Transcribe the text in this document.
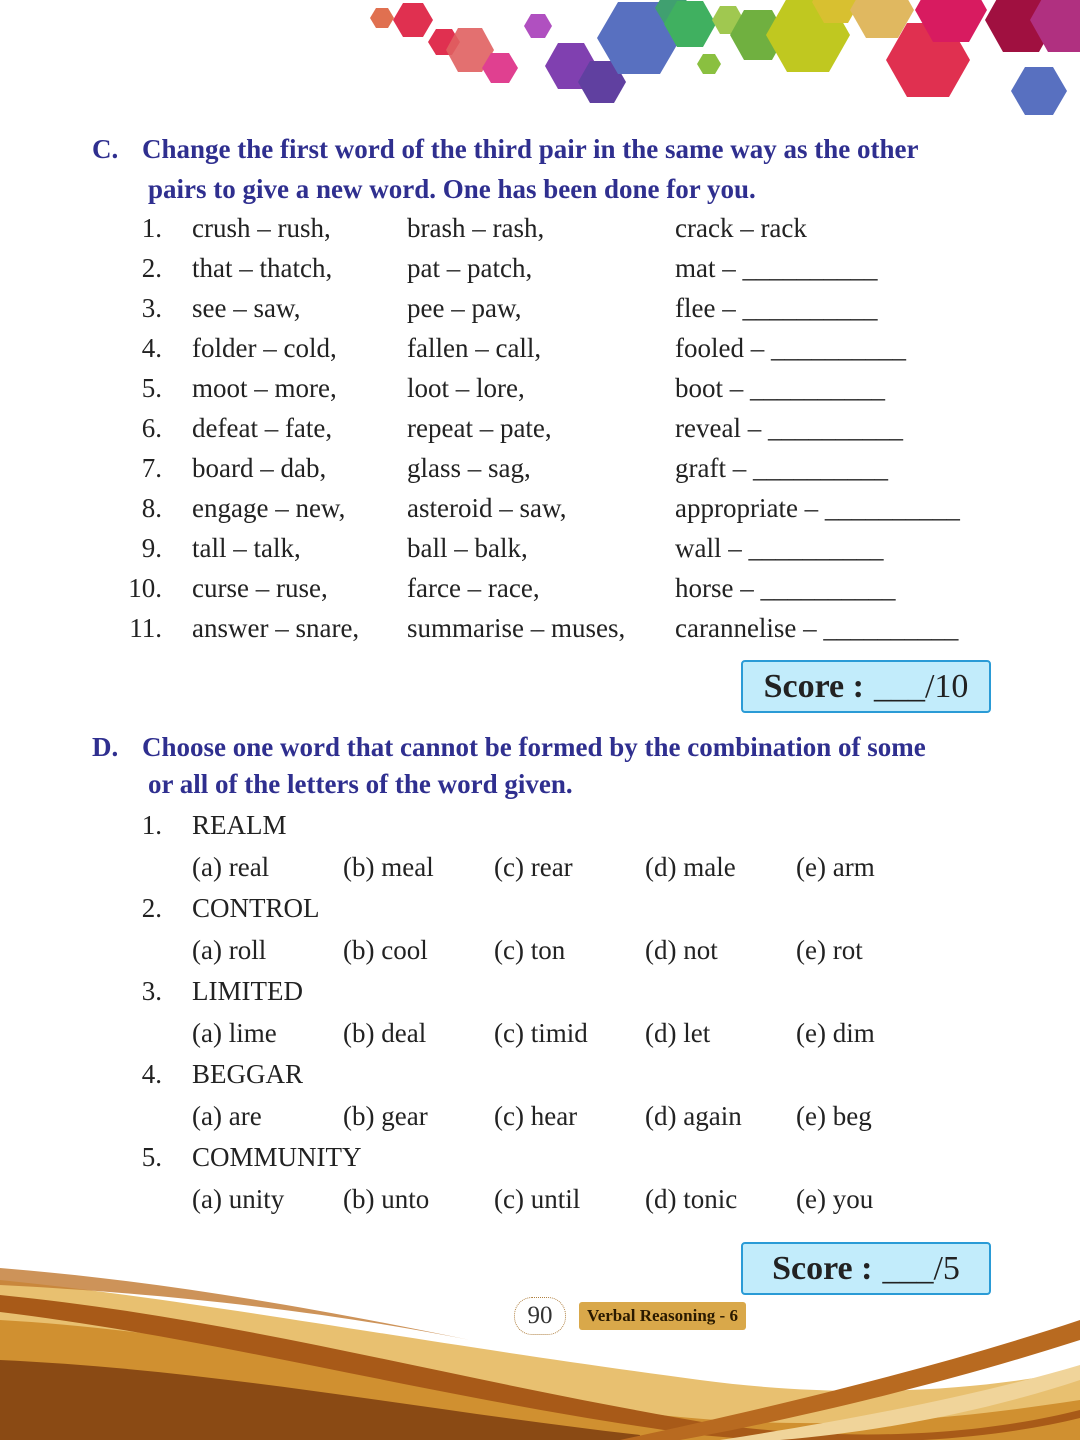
C. Change the first word of the third pair in the same way as the other
pairs to give a new word. One has been done for you.
1. crush – rush,	brash – rash,	crack – rack
2. that – thatch,	pat – patch,	mat – __________
3. see – saw,	pee – paw,	flee – __________
4. folder – cold,	fallen – call,	fooled – __________
5. moot – more,	loot – lore,	boot – __________
6. defeat – fate,	repeat – pate,	reveal – __________
7. board – dab,	glass – sag,	graft – __________
8. engage – new, asteroid – saw,	appropriate – __________
9. tall – talk,	ball – balk,	wall – __________
10. curse – ruse,	farce – race,	horse – __________
11. answer – snare, summarise – muses, carannelise – __________
Score : ___/10
D. Choose one word that cannot be formed by the combination of some
or all of the letters of the word given.
1. REALM
(a) real	(b) meal (c) rear	(d) male (e) arm
2. CONTROL
(a) roll	(b) cool (c) ton	(d) not	(e) rot
3. LIMITED
(a) lime (b) deal	(c) timid (d) let	(e) dim
4. BEGGAR
(a) are	(b) gear (c) hear	(d) again (e) beg
5. COMMUNITY
(a) unity (b) unto (c) until (d) tonic (e) you
Score : ___/5
90	Verbal Reasoning - 6
